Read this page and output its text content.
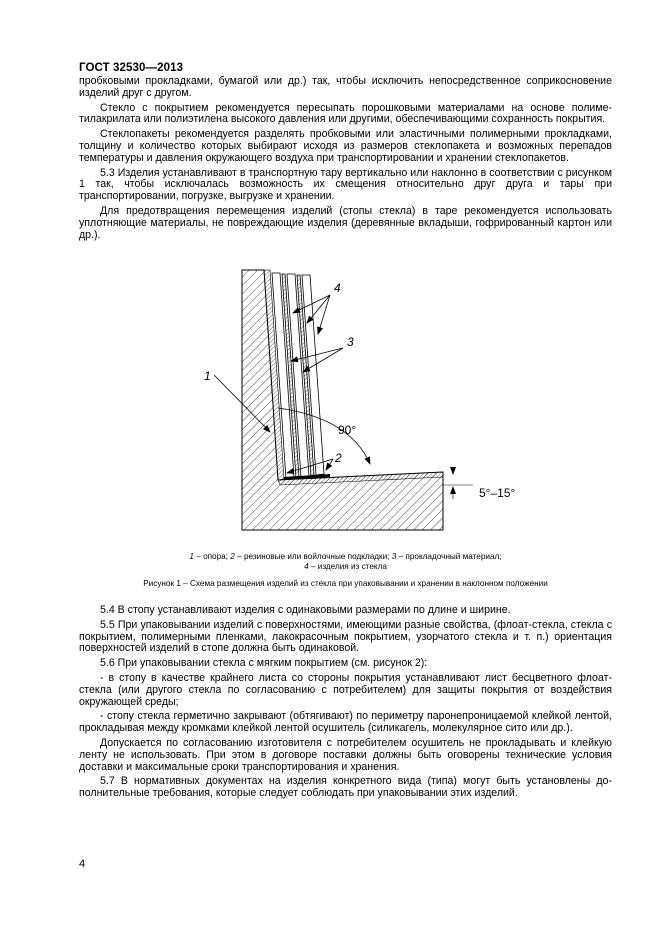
ГОСТ 32530—2013

пробковыми прокладками, бумагой или др.) так, чтобы исключить непосредственное соприкосновение изделий друг с другом.

Стекло с покрытием рекомендуется пересыпать порошковыми материалами на основе полиметилакрилата или полиэтилена высокого давления или другими, обеспечивающими сохранность покрытия.

Стеклопакеты рекомендуется разделять пробковыми или эластичными полимерными прокладками, толщину и количество которых выбирают исходя из размеров стеклопакета и возможных перепадов температуры и давления окружающего воздуха при транспортировании и хранении стеклопакетов.

5.3 Изделия устанавливают в транспортную тару вертикально или наклонно в соответствии с рисунком 1 так, чтобы исключалась возможность их смещения относительно друг друга и тары при транспортировании, погрузке, выгрузке и хранении.

Для предотвращения перемещения изделий (стопы стекла) в таре рекомендуется использовать уплотняющие материалы, не повреждающие изделия (деревянные вкладыши, гофрированный картон или др.).

1
4
3
2
90°
5°–15°
1 – опора; 2 – резиновые или войлочные подкладки; 3 – прокладочный материал;
4 – изделия из стекла
Рисунок 1 – Схема размещения изделий из стекла при упаковывании и хранении в наклонном положении

5.4 В стопу устанавливают изделия с одинаковыми размерами по длине и ширине.

5.5 При упаковывании изделий с поверхностями, имеющими разные свойства, (флоат-стекла, стекла с покрытием, полимерными пленками, лакокрасочным покрытием, узорчатого стекла и т. п.) ориентация поверхностей изделий в стопе должна быть одинаковой.

5.6 При упаковывании стекла с мягким покрытием (см. рисунок 2):

- в стопу в качестве крайнего листа со стороны покрытия устанавливают лист бесцветного флоат-стекла (или другого стекла по согласованию с потребителем) для защиты покрытия от воздействия окружающей среды;

- стопу стекла герметично закрывают (обтягивают) по периметру паронепроницаемой клейкой лентой, прокладывая между кромками клейкой лентой осушитель (силикагель, молекулярное сито или др.).

Допускается по согласованию изготовителя с потребителем осушитель не прокладывать и клейкую ленту не использовать. При этом в договоре поставки должны быть оговорены технические условия доставки и максимальные сроки транспортирования и хранения.

5.7 В нормативных документах на изделия конкретного вида (типа) могут быть установлены дополнительные требования, которые следует соблюдать при упаковывании этих изделий.

4
